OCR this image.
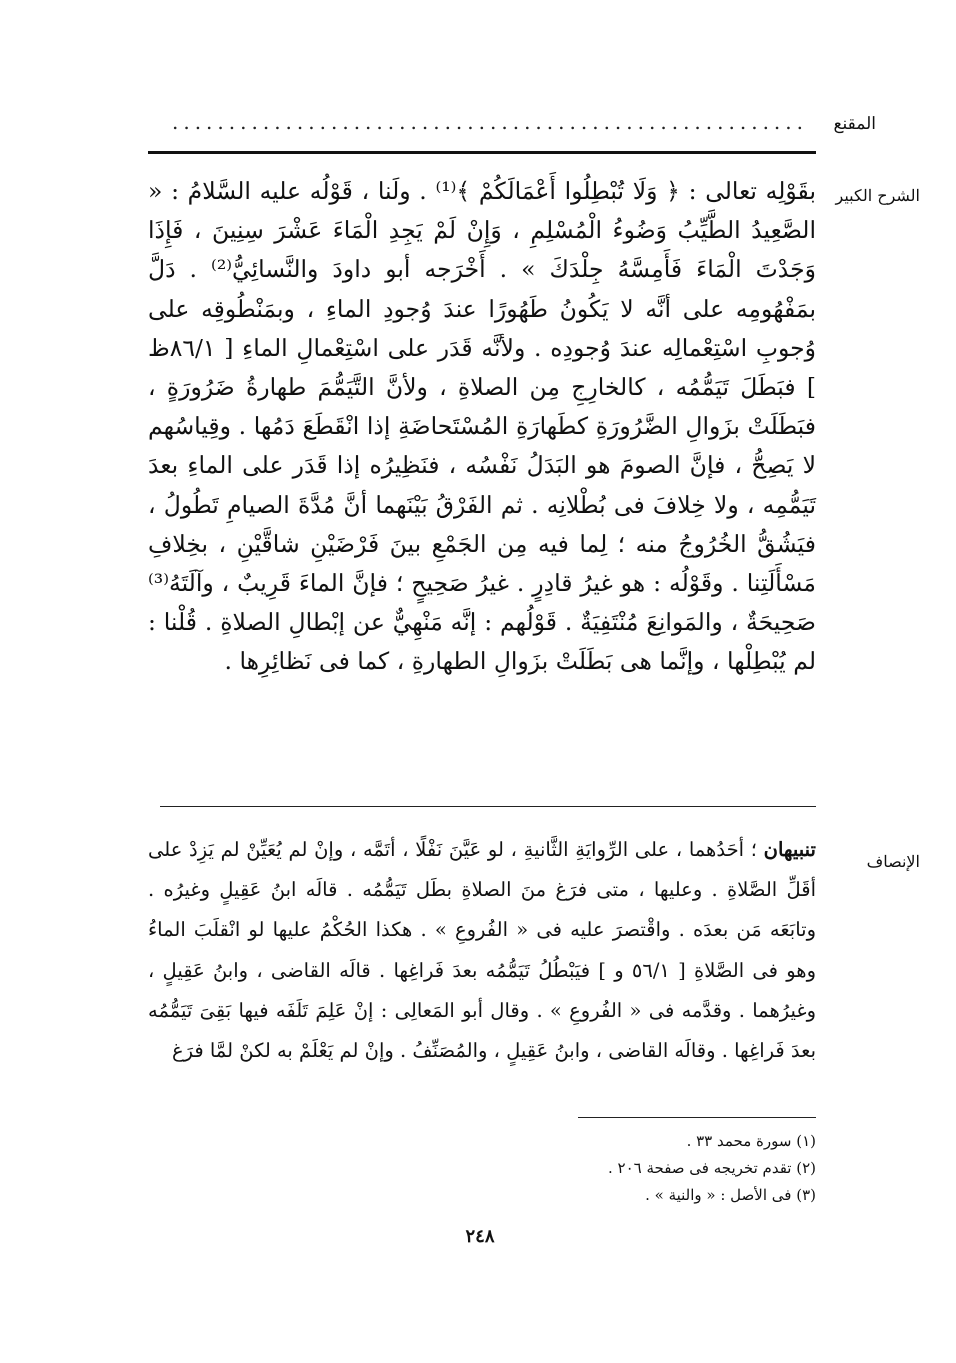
المقنع
........................................................
الشرح الكبير
بقَوْلِه تعالى : ﴿ وَلَا تُبْطِلُوا أَعْمَالَكُمْ ﴾⁽¹⁾ . ولَنا ، قَوْلُه عليه السَّلامُ : « الصَّعِيدُ الطَّيِّبُ وَضُوءُ الْمُسْلِمِ ، وَإِنْ لَمْ يَجِدِ الْمَاءَ عَشْرَ سِنِينَ ، فَإِذَا وَجَدْتَ الْمَاءَ فَأَمِسَّهُ جِلْدَكَ » . أَخْرَجه أبو داودَ والنَّسائِيُّ⁽²⁾ . دَلَّ بمَفْهُومِه على أنَّه لا يَكُونُ طَهُورًا عندَ وُجودِ الماءِ ، وبمَنْطُوقِه على وُجوبِ اسْتِعْمالِه عندَ وُجودِه . ولأنَّه قَدَر على اسْتِعْمالِ الماءِ [ ٨٦/١ظ ] فبَطَلَ تَيَمُّمُه ، كالخارِجِ مِن الصلاةِ ، ولأنَّ التَّيَمُّمَ طهارةُ ضَرُورَةٍ ، فبَطَلَتْ بزَوالِ الضَّرُورَةِ كطَهارَةِ المُسْتَحاضَةِ إذا انْقَطَعَ دَمُها . وقِياسُهم لا يَصِحُّ ، فإنَّ الصومَ هو البَدَلُ نَفْسُه ، فنَظِيرُه إذا قَدَر على الماءِ بعدَ تَيَمُّمِه ، ولا خِلافَ فى بُطْلانِه . ثم الفَرْقُ بَيْنَهما أنَّ مُدَّةَ الصيامِ تَطُولُ ، فيَشُقُّ الخُرُوجُ منه ؛ لِما فيه مِن الجَمْعِ بينَ فَرْضَيْنِ شاقَّيْنِ ، بخِلافِ مَسْأَلَتِنا . وقَوْلُه : هو غيرُ قادِرٍ . غيرُ صَحِيحٍ ؛ فإنَّ الماءَ قَرِيبٌ ، وآلَتَهُ⁽³⁾ صَحِيحَةٌ ، والمَوانِعَ مُنْتَفِيَةٌ . قَوْلُهم : إنَّه مَنْهِيٌّ عن إبْطالِ الصلاةِ . قُلْنا : لم يُبْطِلْها ، وإنَّما هى بَطَلَتْ بزَوالِ الطهارةِ ، كما فى نَظائِرِها .
الإنصاف
تنبيهان ؛ أحَدُهما ، على الرِّوايَةِ الثَّانيةِ ، لو عَيَّنَ نَفْلًا ، أتَمَّه ، وإنْ لم يُعَيِّنْ لم يَزِدْ على أقَلِّ الصَّلاةِ . وعليها ، متى فرَغ منَ الصلاةِ بطَل تَيَمُّمُه . قالَه ابنُ عَقِيلٍ وغيرُه . وتابَعَه مَن بعدَه . واقْتصرَ عليه فى « الفُروعِ » . هكذا الحُكْمُ عليها لو انْقلَبَ الماءُ وهو فى الصَّلاةِ [ ٥٦/١ و ] فيَبْطُلُ تَيَمُّمُه بعدَ فَراغِها . قالَه القاضى ، وابنُ عَقِيلٍ ، وغيرُهما . وقدَّمه فى « الفُروعِ » . وقال أبو المَعالِى : إنْ عَلِمَ تَلَفَه فيها بَقِىَ تَيَمُّمُه بعدَ فَراغِها . وقالَه القاضى ، وابنُ عَقِيلٍ ، والمُصَنِّفُ . وإنْ لم يَعْلَمْ به لكنْ لمَّا فرَغ
(١) سورة محمد ٣٣ .
(٢) تقدم تخريجه فى صفحة ٢٠٦ .
(٣) فى الأصل : « والنية » .
٢٤٨
